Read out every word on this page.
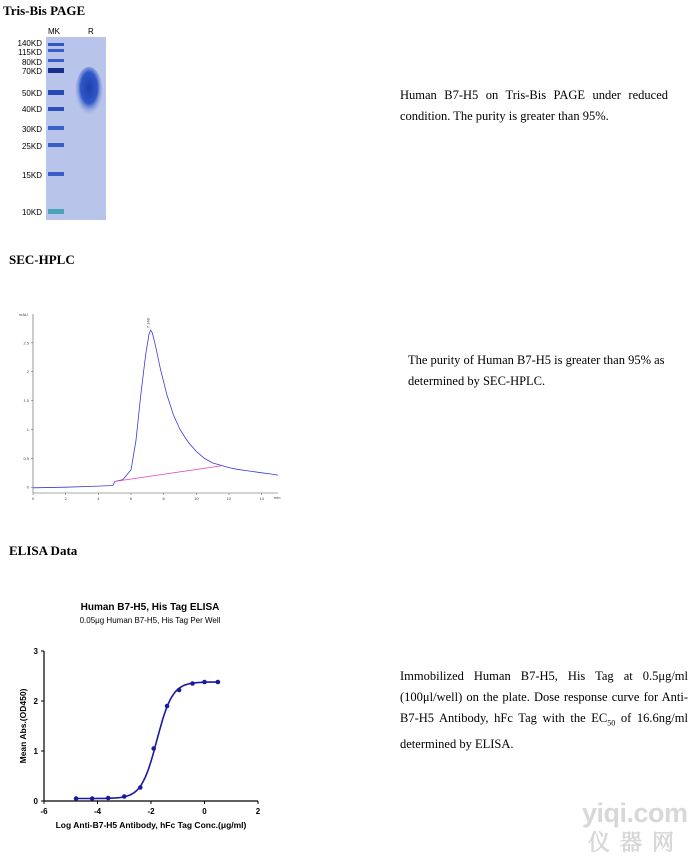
Tris-Bis PAGE
MK	R
140KD
115KD
80KD
70KD
50KD
40KD
30KD
25KD
15KD
10KD
Human B7-H5 on Tris-Bis PAGE under reduced condition. The purity is greater than 95%.
SEC-HPLC
mAU
min
0	2	4	6	8	10	12	14
0
0.5
1
1.5
2
2.5
7.148
The purity of Human B7-H5 is greater than 95% as determined by SEC-HPLC.
ELISA Data
Human B7-H5, His Tag ELISA
0.05μg Human B7-H5, His Tag Per Well
-6	-4	-2	0	2
0
1
2
3
Log Anti-B7-H5 Antibody, hFc Tag Conc.(μg/ml)
Mean Abs.(OD450)
Immobilized Human B7-H5, His Tag at 0.5μg/ml (100μl/well) on the plate. Dose response curve for Anti-B7-H5 Antibody, hFc Tag with the $EC_{50}$ of 16.6ng/ml determined by ELISA.
yiqi.com
仪器网
